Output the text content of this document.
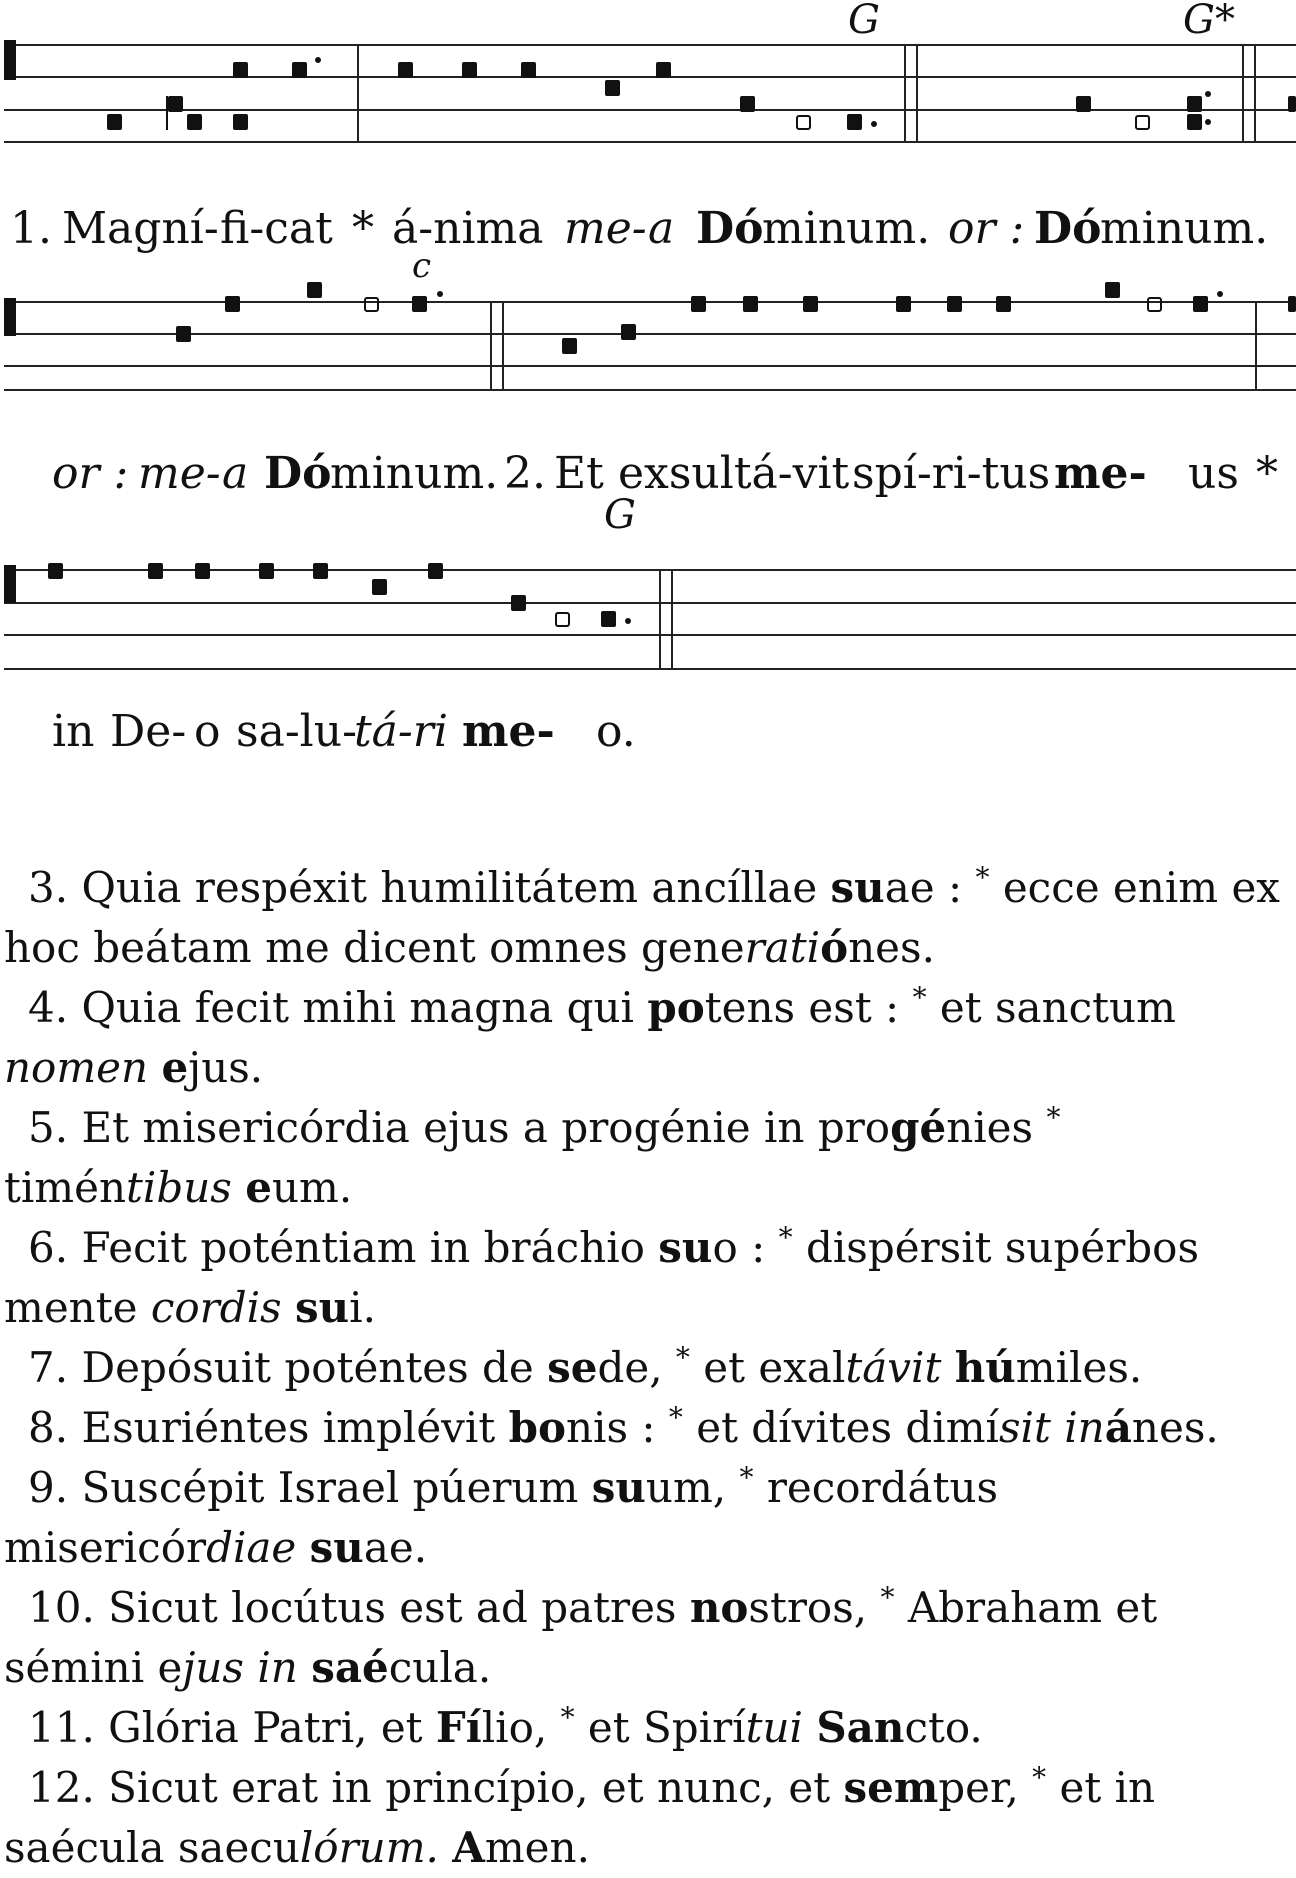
G	G*
1. Magní- fi-cat * á-nima me- a Dó
minum. or : Dó
minum.
c
or : me- a Dó
minum. 2. Et exsultá-vit spí-ri-tus me- us *
G
in De- o sa-lu-
tá-ri me- o.

3. Quia respéxit humilitátem ancíllae suae : * ecce enim ex hoc beátam me dicent omnes generatiónes.

4. Quia fecit mihi magna qui potens est : * et sanctum nomen ejus.

5. Et misericórdia ejus a progénie in progénies * timéntibus eum.

6. Fecit poténtiam in bráchio suo : * dispérsit supérbos mente cordis sui.

7. Depósuit poténtes de sede, * et exaltávit húmiles.

8. Esuriéntes implévit bonis : * et dívites dimísit inánes.

9. Suscépit Israel púerum suum, * recordátus misericórdiae suae.

10. Sicut locútus est ad patres nostros, * Abraham et sémini ejus in saécula.

11. Glória Patri, et Fílio, * et Spirítui Sancto.

12. Sicut erat in princípio, et nunc, et semper, * et in saécula saeculórum. Amen.
